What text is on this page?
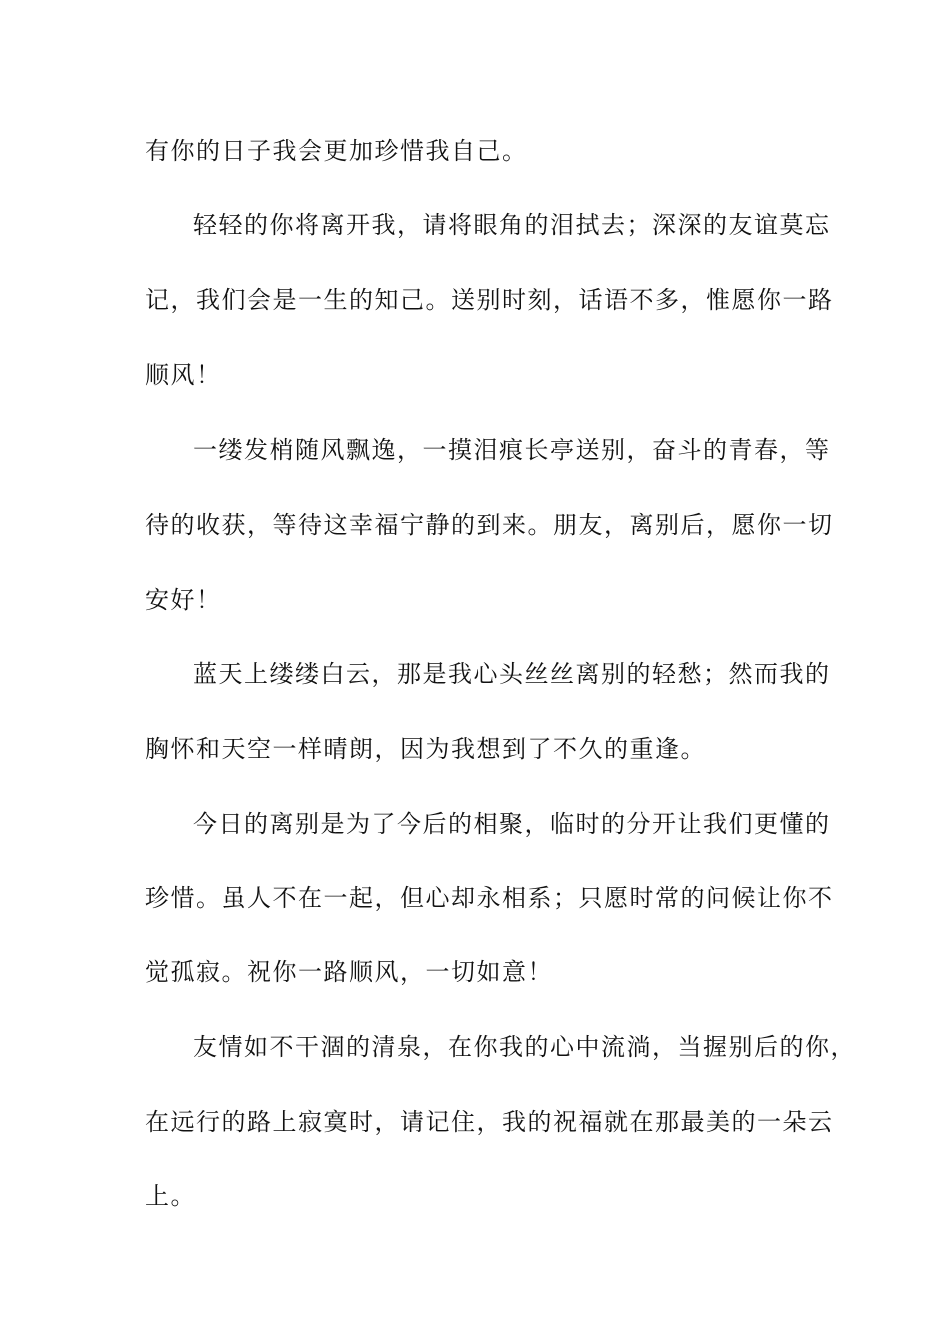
有你的日子我会更加珍惜我自己。
轻轻的你将离开我，请将眼角的泪拭去；深深的友谊莫忘
记，我们会是一生的知己。送别时刻，话语不多，惟愿你一路
顺风！
一缕发梢随风飘逸，一摸泪痕长亭送别，奋斗的青春，等
待的收获，等待这幸福宁静的到来。朋友，离别后，愿你一切
安好！
蓝天上缕缕白云，那是我心头丝丝离别的轻愁；然而我的
胸怀和天空一样晴朗，因为我想到了不久的重逢。
今日的离别是为了今后的相聚，临时的分开让我们更懂的
珍惜。虽人不在一起，但心却永相系；只愿时常的问候让你不
觉孤寂。祝你一路顺风，一切如意！
友情如不干涸的清泉，在你我的心中流淌，当握别后的你，
在远行的路上寂寞时，请记住，我的祝福就在那最美的一朵云
上。
